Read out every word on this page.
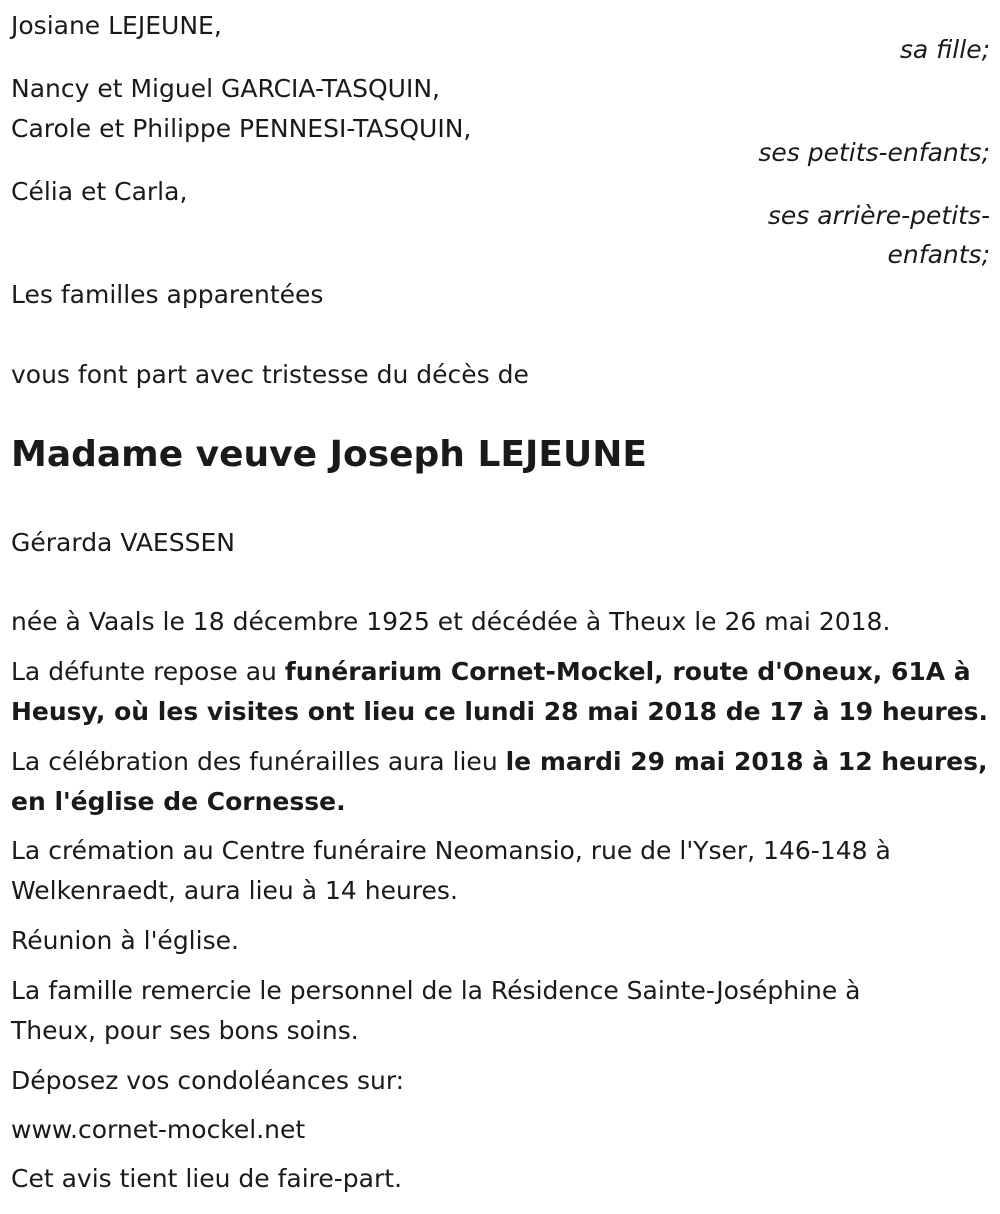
Josiane LEJEUNE,
sa fille;
Nancy et Miguel GARCIA-TASQUIN,
Carole et Philippe PENNESI-TASQUIN,
ses petits-enfants;
Célia et Carla,
ses arrière-petits-
enfants;
Les familles apparentées
vous font part avec tristesse du décès de
Madame veuve Joseph LEJEUNE
Gérarda VAESSEN
née à Vaals le 18 décembre 1925 et décédée à Theux le 26 mai 2018.
La défunte repose au funérarium Cornet-Mockel, route d'Oneux, 61A à Heusy, où les visites ont lieu ce lundi 28 mai 2018 de 17 à 19 heures.
La célébration des funérailles aura lieu le mardi 29 mai 2018 à 12 heures, en l'église de Cornesse.
La crémation au Centre funéraire Neomansio, rue de l'Yser, 146-148 à Welkenraedt, aura lieu à 14 heures.
Réunion à l'église.
La famille remercie le personnel de la Résidence Sainte-Joséphine à Theux, pour ses bons soins.
Déposez vos condoléances sur:
www.cornet-mockel.net
Cet avis tient lieu de faire-part.
